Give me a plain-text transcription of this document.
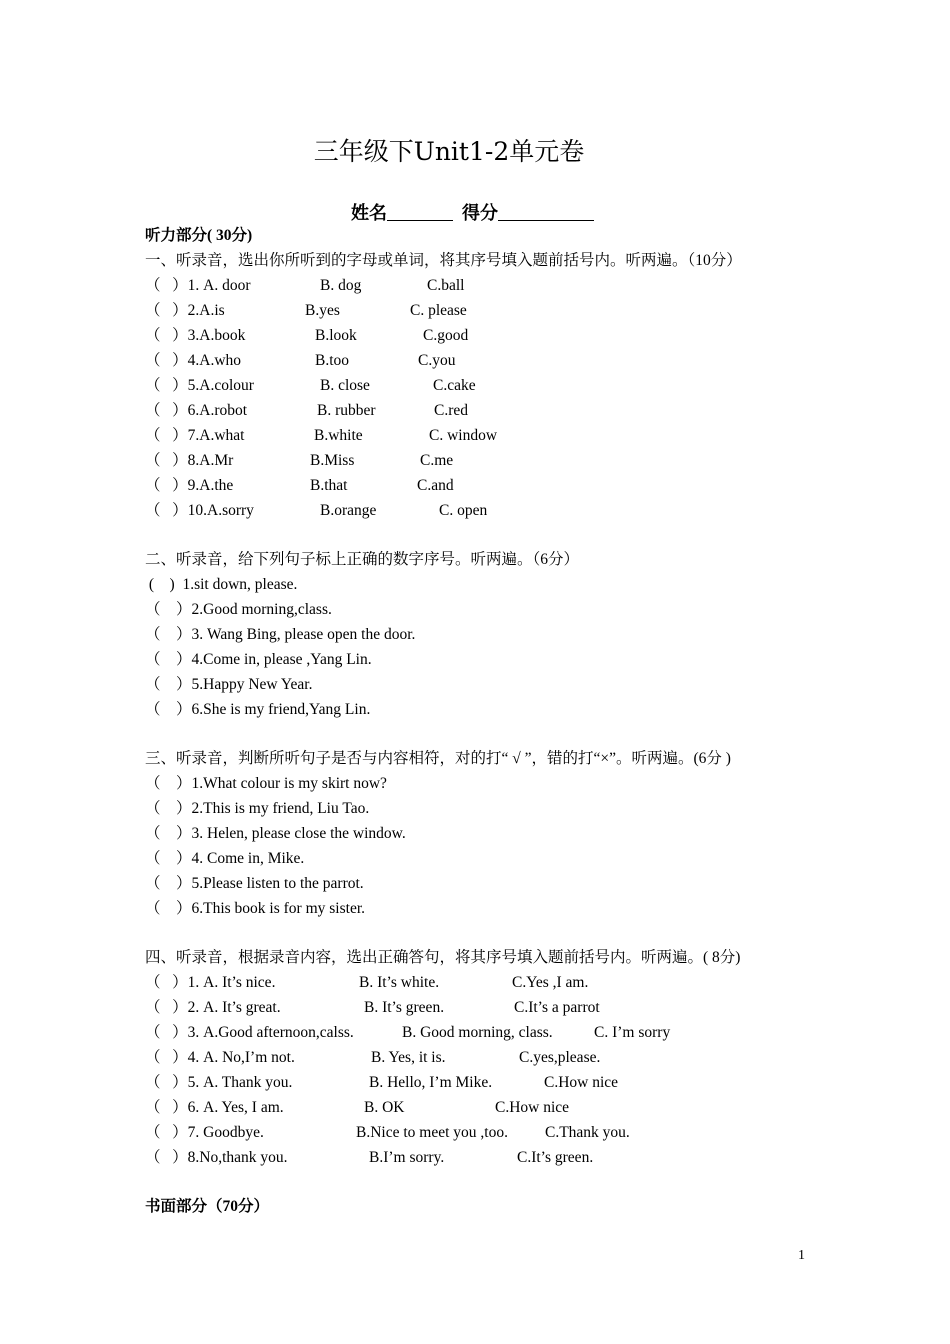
三年级下Unit1-2单元卷
姓名	得分
听力部分( 30分)
一、听录音，选出你所听到的字母或单词，将其序号填入题前括号内。听两遍。（10分）
（   ）1. A. door	B. dog	C.ball
（   ）2.A.is	B.yes	C. please
（   ）3.A.book	B.look	C.good
（   ）4.A.who	B.too	C.you
（   ）5.A.colour	B. close	C.cake
（   ）6.A.robot	B. rubber	C.red
（   ）7.A.what	B.white	C. window
（   ）8.A.Mr	B.Miss	C.me
（   ）9.A.the	B.that	C.and
（   ）10.A.sorry	B.orange	C. open
二、听录音，给下列句子标上正确的数字序号。听两遍。（6分）
(    )  1.sit down, please.
（    ）2.Good morning,class.
（    ）3. Wang Bing, please open the door.
（    ）4.Come in, please ,Yang Lin.
（    ）5.Happy New Year.
（    ）6.She is my friend,Yang Lin.
三、听录音，判断所听句子是否与内容相符，对的打“ √ ”，错的打“×”。听两遍。(6分 )
（    ）1.What colour is my skirt now?
（    ）2.This is my friend, Liu Tao.
（    ）3. Helen, please close the window.
（    ）4. Come in, Mike.
（    ）5.Please listen to the parrot.
（    ）6.This book is for my sister.
四、听录音，根据录音内容，选出正确答句，将其序号填入题前括号内。听两遍。( 8分)
（   ）1. A. It’s nice.	B. It’s white.	C.Yes ,I am.
（   ）2. A. It’s great.	B. It’s green.	C.It’s a parrot
（   ）3. A.Good afternoon,calss.	B. Good morning, class.	C. I’m sorry
（   ）4. A. No,I’m not.	B. Yes, it is.	C.yes,please.
（   ）5. A. Thank you.	B. Hello, I’m Mike.	C.How nice
（   ）6. A. Yes, I am.	B. OK	C.How nice
（   ）7. Goodbye.	B.Nice to meet you ,too. C.Thank you.
（   ）8.No,thank you.	B.I’m sorry.	C.It’s green.
书面部分（70分）
1
